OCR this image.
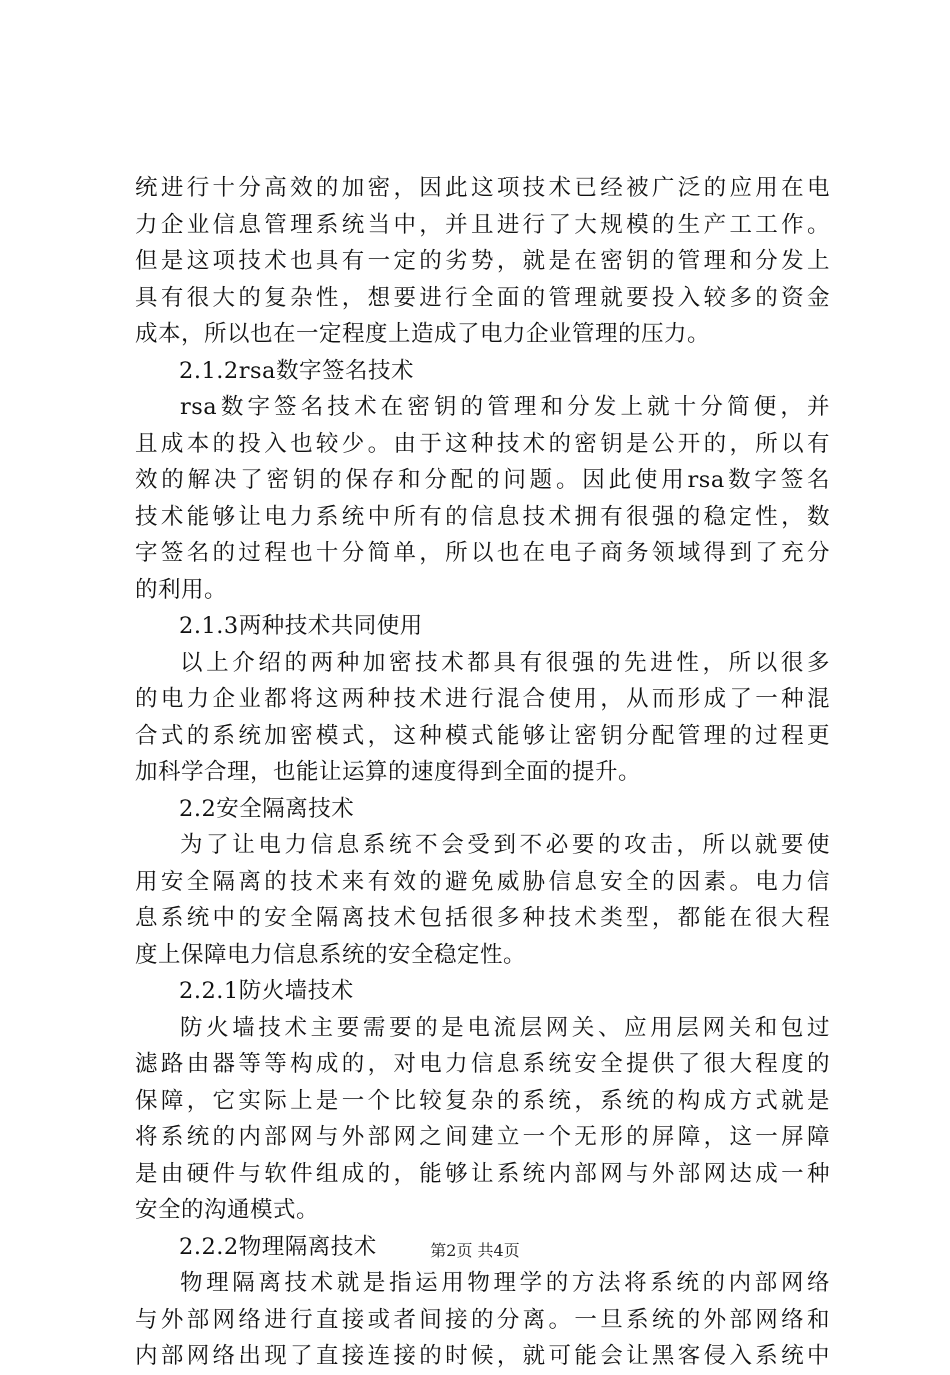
统进行十分高效的加密，因此这项技术已经被广泛的应用在电
力企业信息管理系统当中，并且进行了大规模的生产工工作。
但是这项技术也具有一定的劣势，就是在密钥的管理和分发上
具有很大的复杂性，想要进行全面的管理就要投入较多的资金
成本，所以也在一定程度上造成了电力企业管理的压力。
2.1.2rsa数字签名技术
rsa数字签名技术在密钥的管理和分发上就十分简便，并
且成本的投入也较少。由于这种技术的密钥是公开的，所以有
效的解决了密钥的保存和分配的问题。因此使用rsa数字签名
技术能够让电力系统中所有的信息技术拥有很强的稳定性，数
字签名的过程也十分简单，所以也在电子商务领域得到了充分
的利用。
2.1.3两种技术共同使用
以上介绍的两种加密技术都具有很强的先进性，所以很多
的电力企业都将这两种技术进行混合使用，从而形成了一种混
合式的系统加密模式，这种模式能够让密钥分配管理的过程更
加科学合理，也能让运算的速度得到全面的提升。
2.2安全隔离技术
为了让电力信息系统不会受到不必要的攻击，所以就要使
用安全隔离的技术来有效的避免威胁信息安全的因素。电力信
息系统中的安全隔离技术包括很多种技术类型，都能在很大程
度上保障电力信息系统的安全稳定性。
2.2.1防火墙技术
防火墙技术主要需要的是电流层网关、应用层网关和包过
滤路由器等等构成的，对电力信息系统安全提供了很大程度的
保障，它实际上是一个比较复杂的系统，系统的构成方式就是
将系统的内部网与外部网之间建立一个无形的屏障，这一屏障
是由硬件与软件组成的，能够让系统内部网与外部网达成一种
安全的沟通模式。
2.2.2物理隔离技术
物理隔离技术就是指运用物理学的方法将系统的内部网络
与外部网络进行直接或者间接的分离。一旦系统的外部网络和
内部网络出现了直接连接的时候，就可能会让黑客侵入系统中
第2页 共4页
